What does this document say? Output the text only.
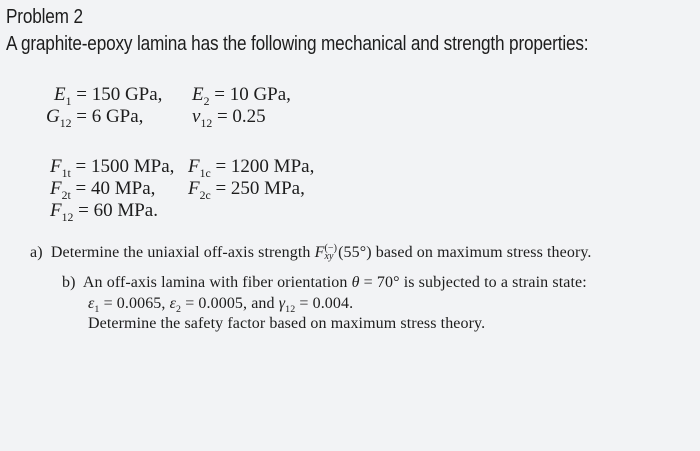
Problem 2
A graphite-epoxy lamina has the following mechanical and strength properties:
$E_1 = 150$ GPa, $E_2 = 10$ GPa,
$G_{12} = 6$ GPa,	$\nu_{12} = 0.25$
$F_{1t} = 1500$ MPa, $F_{1c} = 1200$ MPa,
$F_{2t} = 40$ MPa, $F_{2c} = 250$ MPa,
$F_{12} = 60$ MPa.
a) Determine the uniaxial off-axis strength F (−)
xy (55°) based on maximum stress theory.
b) An off-axis lamina with fiber orientation θ = 70° is subjected to a strain state:
$\varepsilon_1 = 0.0065$, $\varepsilon_2 = 0.0005$, and $\gamma_{12} = 0.004$.
Determine the safety factor based on maximum stress theory.
